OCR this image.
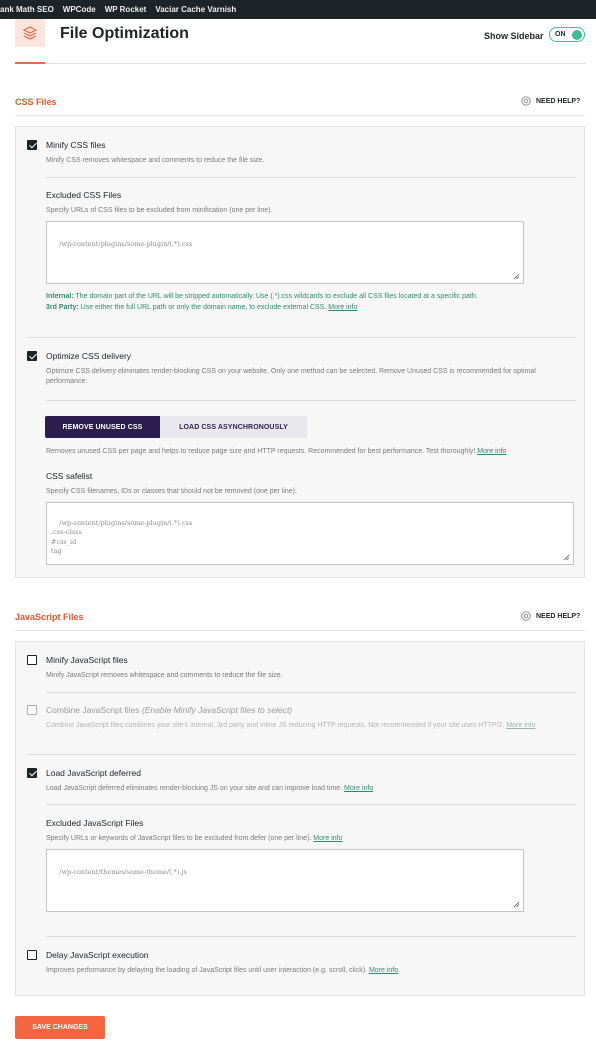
ank Math SEO WPCode WP Rocket Vaciar Cache Varnish
File Optimization	Show Sidebar ON
CSS Files	NEED HELP?
Minify CSS files
Minify CSS removes whitespace and comments to reduce the file size.
Excluded CSS Files
Specify URLs of CSS files to be excluded from minification (one per line).

/wp-content/plugins/some-plugin/(.*).css

Internal: The domain part of the URL will be stripped automatically. Use (.*).css wildcards to exclude all CSS files located at a specific path.
3rd Party: Use either the full URL path or only the domain name, to exclude external CSS. More info
Optimize CSS delivery
Optimize CSS delivery eliminates render-blocking CSS on your website. Only one method can be selected. Remove Unused CSS is recommended for optimal performance.
Removes unused CSS per page and helps to reduce page size and HTTP requests. Recommended for best performance. Test thoroughly! More info
CSS safelist
Specify CSS filenames, IDs or classes that should not be removed (one per line).

/wp-content/plugins/some-plugin/(.*).css
.css-class
#css_id
tag

REMOVE UNUSED CSS	LOAD CSS ASYNCHRONOUSLY
JavaScript Files	NEED HELP?
Minify JavaScript files
Minify JavaScript removes whitespace and comments to reduce the file size.
Combine JavaScript files (Enable Minify JavaScript files to select)
Combine JavaScript files combines your site's internal, 3rd party and inline JS reducing HTTP requests. Not recommended if your site uses HTTP/2. More info
Load JavaScript deferred
Load JavaScript deferred eliminates render-blocking JS on your site and can improve load time. More info
Excluded JavaScript Files
Specify URLs or keywords of JavaScript files to be excluded from defer (one per line). More info

/wp-content/themes/some-theme/(.*).js

Delay JavaScript execution
Improves performance by delaying the loading of JavaScript files until user interaction (e.g. scroll, click). More info
SAVE CHANGES
